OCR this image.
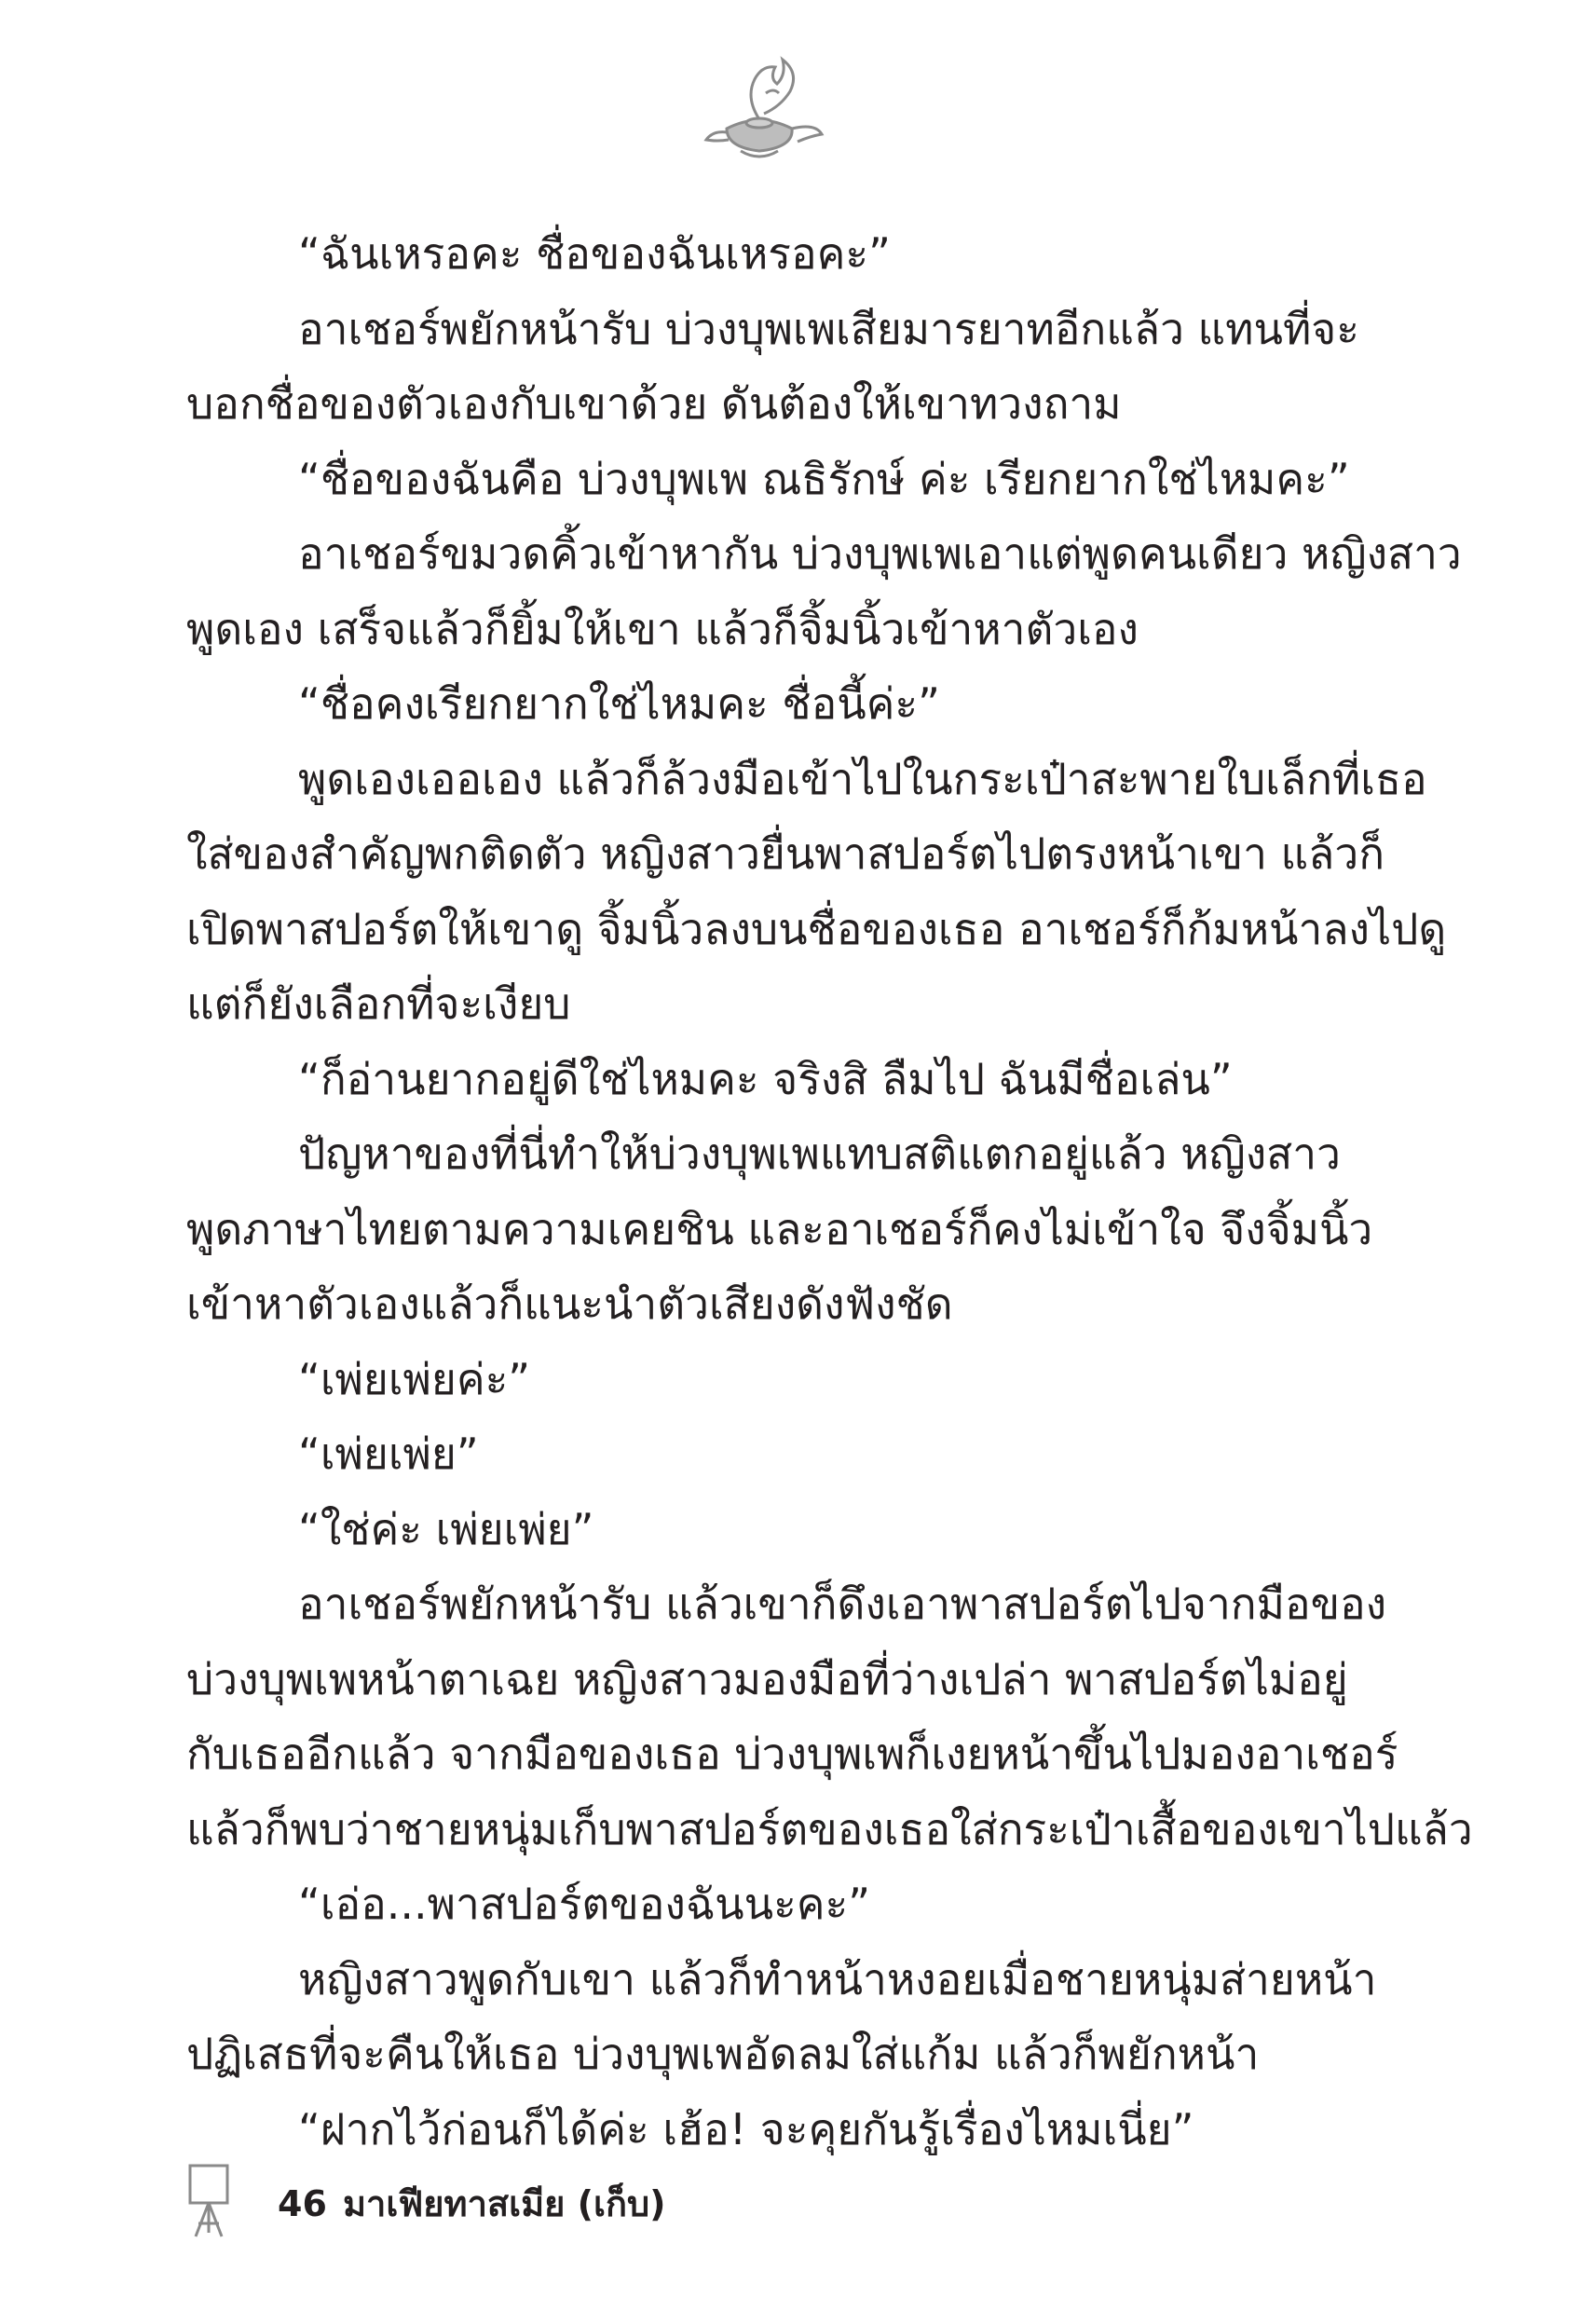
“ฉันเหรอคะ ชื่อของฉันเหรอคะ”
อาเชอร์พยักหน้ารับ บ่วงบุพเพเสียมารยาทอีกแล้ว แทนที่จะ
บอกชื่อของตัวเองกับเขาด้วย ดันต้องให้เขาทวงถาม
“ชื่อของฉันคือ บ่วงบุพเพ ณธิรักษ์ ค่ะ เรียกยากใช่ไหมคะ”
อาเชอร์ขมวดคิ้วเข้าหากัน บ่วงบุพเพเอาแต่พูดคนเดียว หญิงสาว
พูดเอง เสร็จแล้วก็ยิ้มให้เขา แล้วก็จิ้มนิ้วเข้าหาตัวเอง
“ชื่อคงเรียกยากใช่ไหมคะ ชื่อนี้ค่ะ”
พูดเองเออเอง แล้วก็ล้วงมือเข้าไปในกระเป๋าสะพายใบเล็กที่เธอ
ใส่ของสำคัญพกติดตัว หญิงสาวยื่นพาสปอร์ตไปตรงหน้าเขา แล้วก็
เปิดพาสปอร์ตให้เขาดู จิ้มนิ้วลงบนชื่อของเธอ อาเชอร์ก็ก้มหน้าลงไปดู
แต่ก็ยังเลือกที่จะเงียบ
“ก็อ่านยากอยู่ดีใช่ไหมคะ จริงสิ ลืมไป ฉันมีชื่อเล่น”
ปัญหาของที่นี่ทำให้บ่วงบุพเพแทบสติแตกอยู่แล้ว หญิงสาว
พูดภาษาไทยตามความเคยชิน และอาเชอร์ก็คงไม่เข้าใจ จึงจิ้มนิ้ว
เข้าหาตัวเองแล้วก็แนะนำตัวเสียงดังฟังชัด
“เพ่ยเพ่ยค่ะ”
“เพ่ยเพ่ย”
“ใช่ค่ะ เพ่ยเพ่ย”
อาเชอร์พยักหน้ารับ แล้วเขาก็ดึงเอาพาสปอร์ตไปจากมือของ
บ่วงบุพเพหน้าตาเฉย หญิงสาวมองมือที่ว่างเปล่า พาสปอร์ตไม่อยู่
กับเธออีกแล้ว จากมือของเธอ บ่วงบุพเพก็เงยหน้าขึ้นไปมองอาเชอร์
แล้วก็พบว่าชายหนุ่มเก็บพาสปอร์ตของเธอใส่กระเป๋าเสื้อของเขาไปแล้ว
“เอ่อ...พาสปอร์ตของฉันนะคะ”
หญิงสาวพูดกับเขา แล้วก็ทำหน้าหงอยเมื่อชายหนุ่มส่ายหน้า
ปฏิเสธที่จะคืนให้เธอ บ่วงบุพเพอัดลมใส่แก้ม แล้วก็พยักหน้า
“ฝากไว้ก่อนก็ได้ค่ะ เฮ้อ! จะคุยกันรู้เรื่องไหมเนี่ย”
46 มาเฟียทาสเมีย (เก็บ)
